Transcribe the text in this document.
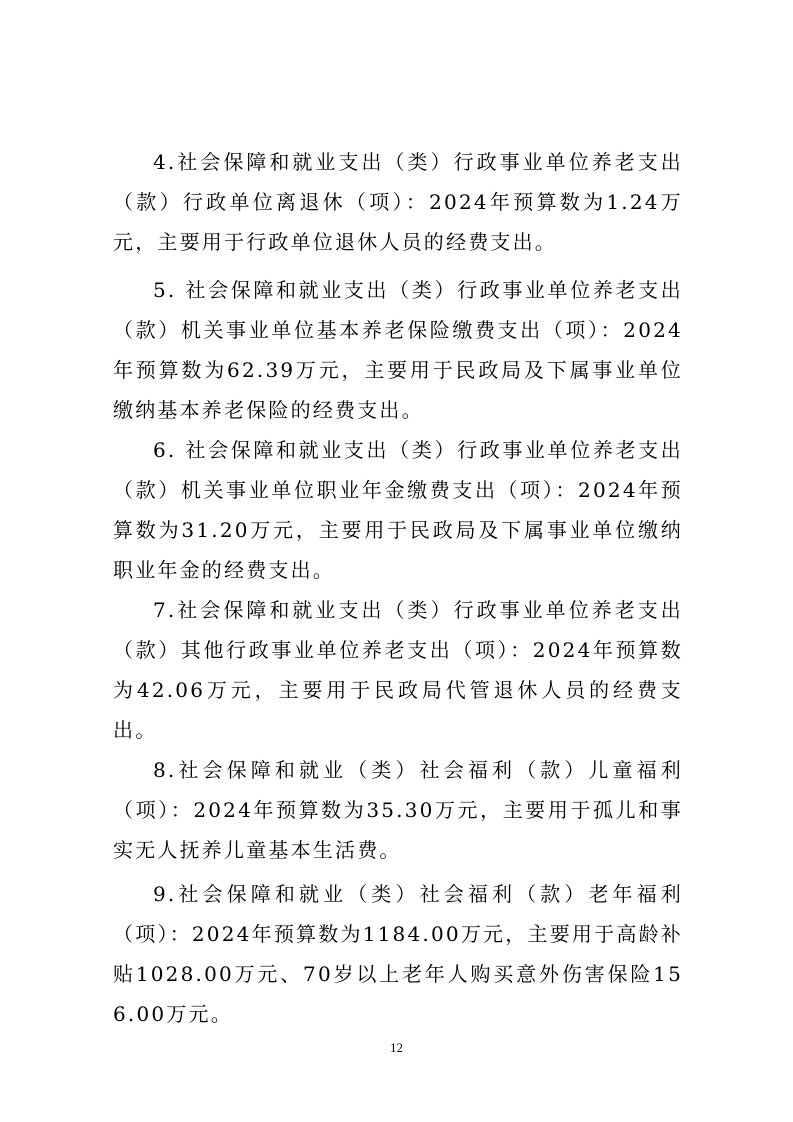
4.社会保障和就业支出（类）行政事业单位养老支出（款）行政单位离退休（项）：2024年预算数为1.24万元，主要用于行政单位退休人员的经费支出。

5. 社会保障和就业支出（类）行政事业单位养老支出（款）机关事业单位基本养老保险缴费支出（项）：2024年预算数为62.39万元，主要用于民政局及下属事业单位缴纳基本养老保险的经费支出。

6. 社会保障和就业支出（类）行政事业单位养老支出（款）机关事业单位职业年金缴费支出（项）：2024年预算数为31.20万元，主要用于民政局及下属事业单位缴纳职业年金的经费支出。

7.社会保障和就业支出（类）行政事业单位养老支出（款）其他行政事业单位养老支出（项）：2024年预算数为42.06万元，主要用于民政局代管退休人员的经费支出。

8.社会保障和就业（类）社会福利（款）儿童福利（项）：2024年预算数为35.30万元，主要用于孤儿和事实无人抚养儿童基本生活费。

9.社会保障和就业（类）社会福利（款）老年福利（项）：2024年预算数为1184.00万元，主要用于高龄补贴1028.00万元、70岁以上老年人购买意外伤害保险156.00万元。

12
